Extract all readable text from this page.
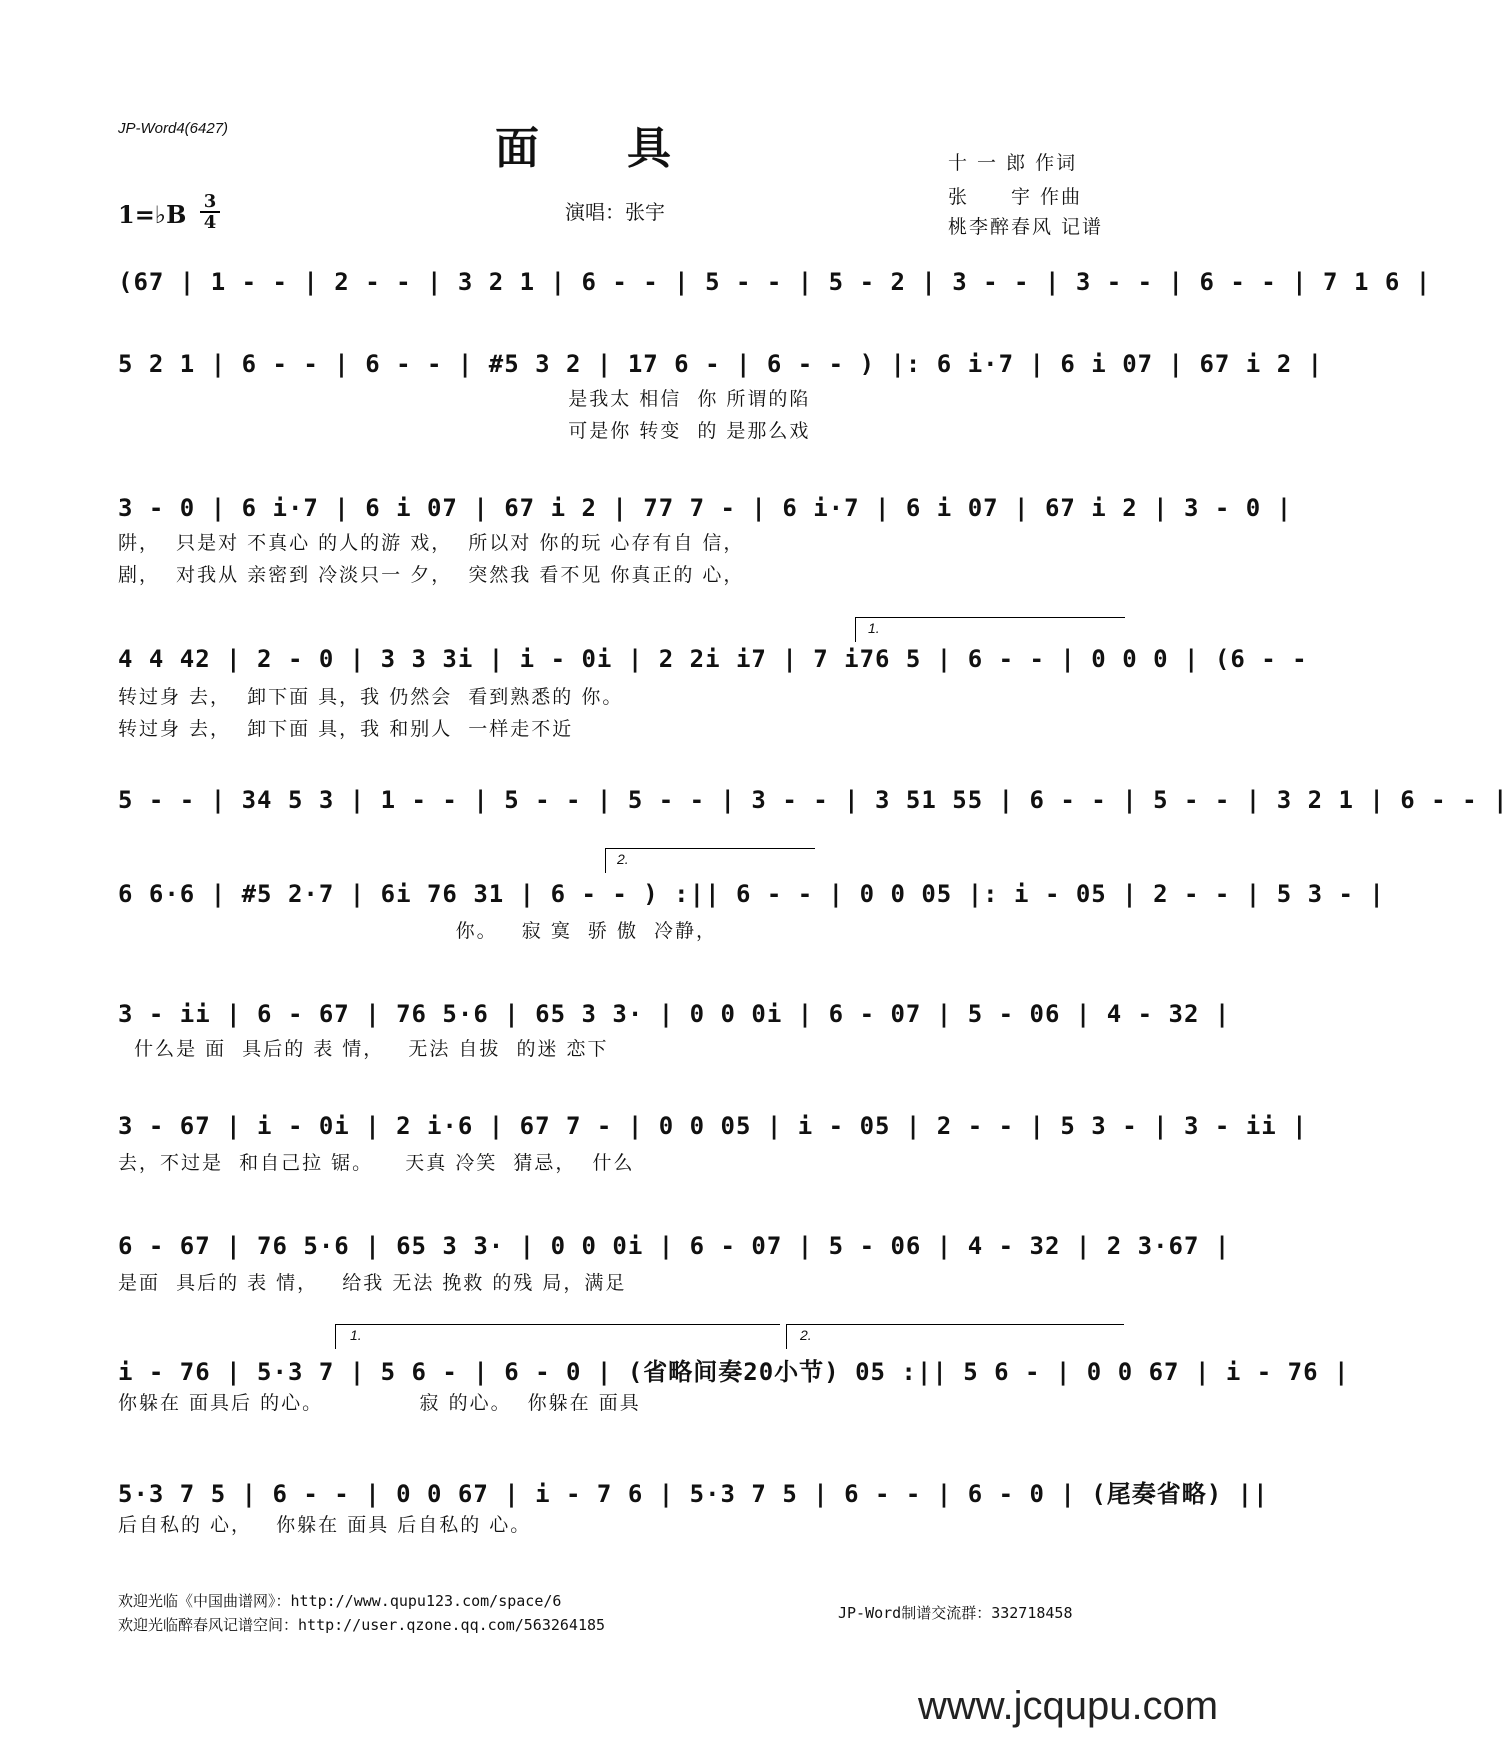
JP-Word4(6427)	面　　具	十 一 郎 作词
张　　宇 作曲
桃李醉春风 记谱
1=♭B 3
4	演唱：张宇
1.
2.
1.	2.
(67 | 1 - - | 2 - - | 3 2 1 | 6 - - | 5 - - | 5 - 2 | 3 - - | 3 - - | 6 - - | 7 1 6 |
5 2 1 | 6 - - | 6 - - | #5 3 2 | 17 6 - | 6 - - ) |: 6 i·7 | 6 i 07 | 67 i 2 |
是我太 相信  你 所谓的陷
可是你 转变  的 是那么戏
3 - 0 | 6 i·7 | 6 i 07 | 67 i 2 | 77 7 - | 6 i·7 | 6 i 07 | 67 i 2 | 3 - 0 |
阱，  只是对 不真心 的人的游 戏，  所以对 你的玩 心存有自 信，
剧，  对我从 亲密到 冷淡只一 夕，  突然我 看不见 你真正的 心，
4 4 42 | 2 - 0 | 3 3 3i | i - 0i | 2 2i i7 | 7 i76 5 | 6 - - | 0 0 0 | (6 - -
转过身 去，  卸下面 具，我 仍然会  看到熟悉的 你。
转过身 去，  卸下面 具，我 和别人  一样走不近
5 - - | 34 5 3 | 1 - - | 5 - - | 5 - - | 3 - - | 3 51 55 | 6 - - | 5 - - | 3 2 1 | 6 - - |
6 6·6 | #5 2·7 | 6i 76 31 | 6 - - ) :|| 6 - - | 0 0 05 |: i - 05 | 2 - - | 5 3 - |
你。   寂 寞  骄 傲  冷静，
3 - ii | 6 - 67 | 76 5·6 | 65 3 3· | 0 0 0i | 6 - 07 | 5 - 06 | 4 - 32 |
什么是 面  具后的 表 情，   无法 自拔  的迷 恋下
3 - 67 | i - 0i | 2 i·6 | 67 7 - | 0 0 05 | i - 05 | 2 - - | 5 3 - | 3 - ii |
去，不过是  和自己拉 锯。    天真 冷笑  猜忌，  什么
6 - 67 | 76 5·6 | 65 3 3· | 0 0 0i | 6 - 07 | 5 - 06 | 4 - 32 | 2 3·67 |
是面  具后的 表 情，   给我 无法 挽救 的残 局，满足
i - 76 | 5·3 7 | 5 6 - | 6 - 0 | (省略间奏20小节) 05 :|| 5 6 - | 0 0 67 | i - 76 |
你躲在 面具后 的心。            寂 的心。  你躲在 面具
5·3 7 5 | 6 - - | 0 0 67 | i - 7 6 | 5·3 7 5 | 6 - - | 6 - 0 | (尾奏省略) ||
后自私的 心，   你躲在 面具 后自私的 心。
欢迎光临《中国曲谱网》：http://www.qupu123.com/space/6
欢迎光临醉春风记谱空间：http://user.qzone.qq.com/563264185
JP-Word制谱交流群：332718458
www.jcqupu.com
